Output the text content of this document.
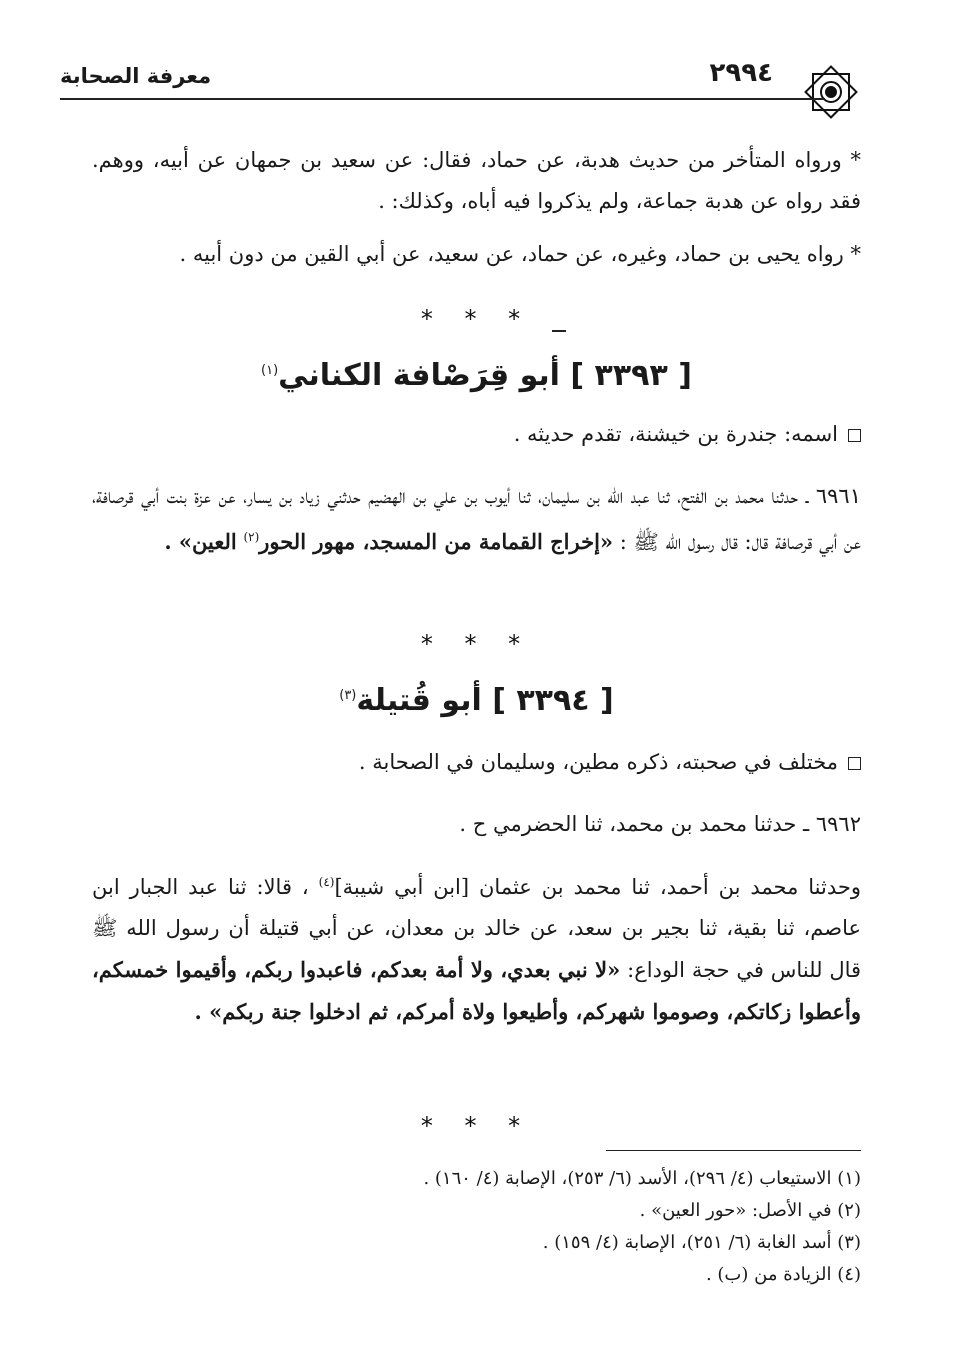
معرفة الصحابة	٢٩٩٤

* ورواه المتأخر من حديث هدبة، عن حماد، فقال: عن سعيد بن جمهان عن أبيه، ووهم. فقد رواه عن هدبة جماعة، ولم يذكروا فيه أباه، وكذلك: .

* رواه يحيى بن حماد، وغيره، عن حماد، عن سعيد، عن أبي القين من دون أبيه .

* * *
[ ٣٣٩٣ ] أبو قِرَصْافة الكناني$^{(١)}$
اسمه: جندرة بن خيشنة، تقدم حديثه .

٦٩٦١ ـ حدثنا محمد بن الفتح، ثنا عبد الله بن سليمان، ثنا أيوب بن علي بن الهضيم حدثني زياد بن يسار، عن عزة بنت أبي قرصافة، عن أبي قرصافة قال: قال رسول الله ﷺ : «إخراج القمامة من المسجد، مهور الحور$^{(٢)}$ العين» .

* * *
[ ٣٣٩٤ ] أبو قُتيلة$^{(٣)}$
مختلف في صحبته، ذكره مطين، وسليمان في الصحابة .
٦٩٦٢ ـ حدثنا محمد بن محمد، ثنا الحضرمي ح .

وحدثنا محمد بن أحمد، ثنا محمد بن عثمان [ابن أبي شيبة]$^{(٤)}$ ، قالا: ثنا عبد الجبار ابن عاصم، ثنا بقية، ثنا بجير بن سعد، عن خالد بن معدان، عن أبي قتيلة أن رسول الله ﷺ قال للناس في حجة الوداع: «لا نبي بعدي، ولا أمة بعدكم، فاعبدوا ربكم، وأقيموا خمسكم، وأعطوا زكاتكم، وصوموا شهركم، وأطيعوا ولاة أمركم، ثم ادخلوا جنة ربكم» .

* * *
(١) الاستيعاب (٤/ ٢٩٦)، الأسد (٦/ ٢٥٣)، الإصابة (٤/ ١٦٠) .
(٢) في الأصل: «حور العين» .
(٣) أسد الغابة (٦/ ٢٥١)، الإصابة (٤/ ١٥٩) .
(٤) الزيادة من (ب) .
